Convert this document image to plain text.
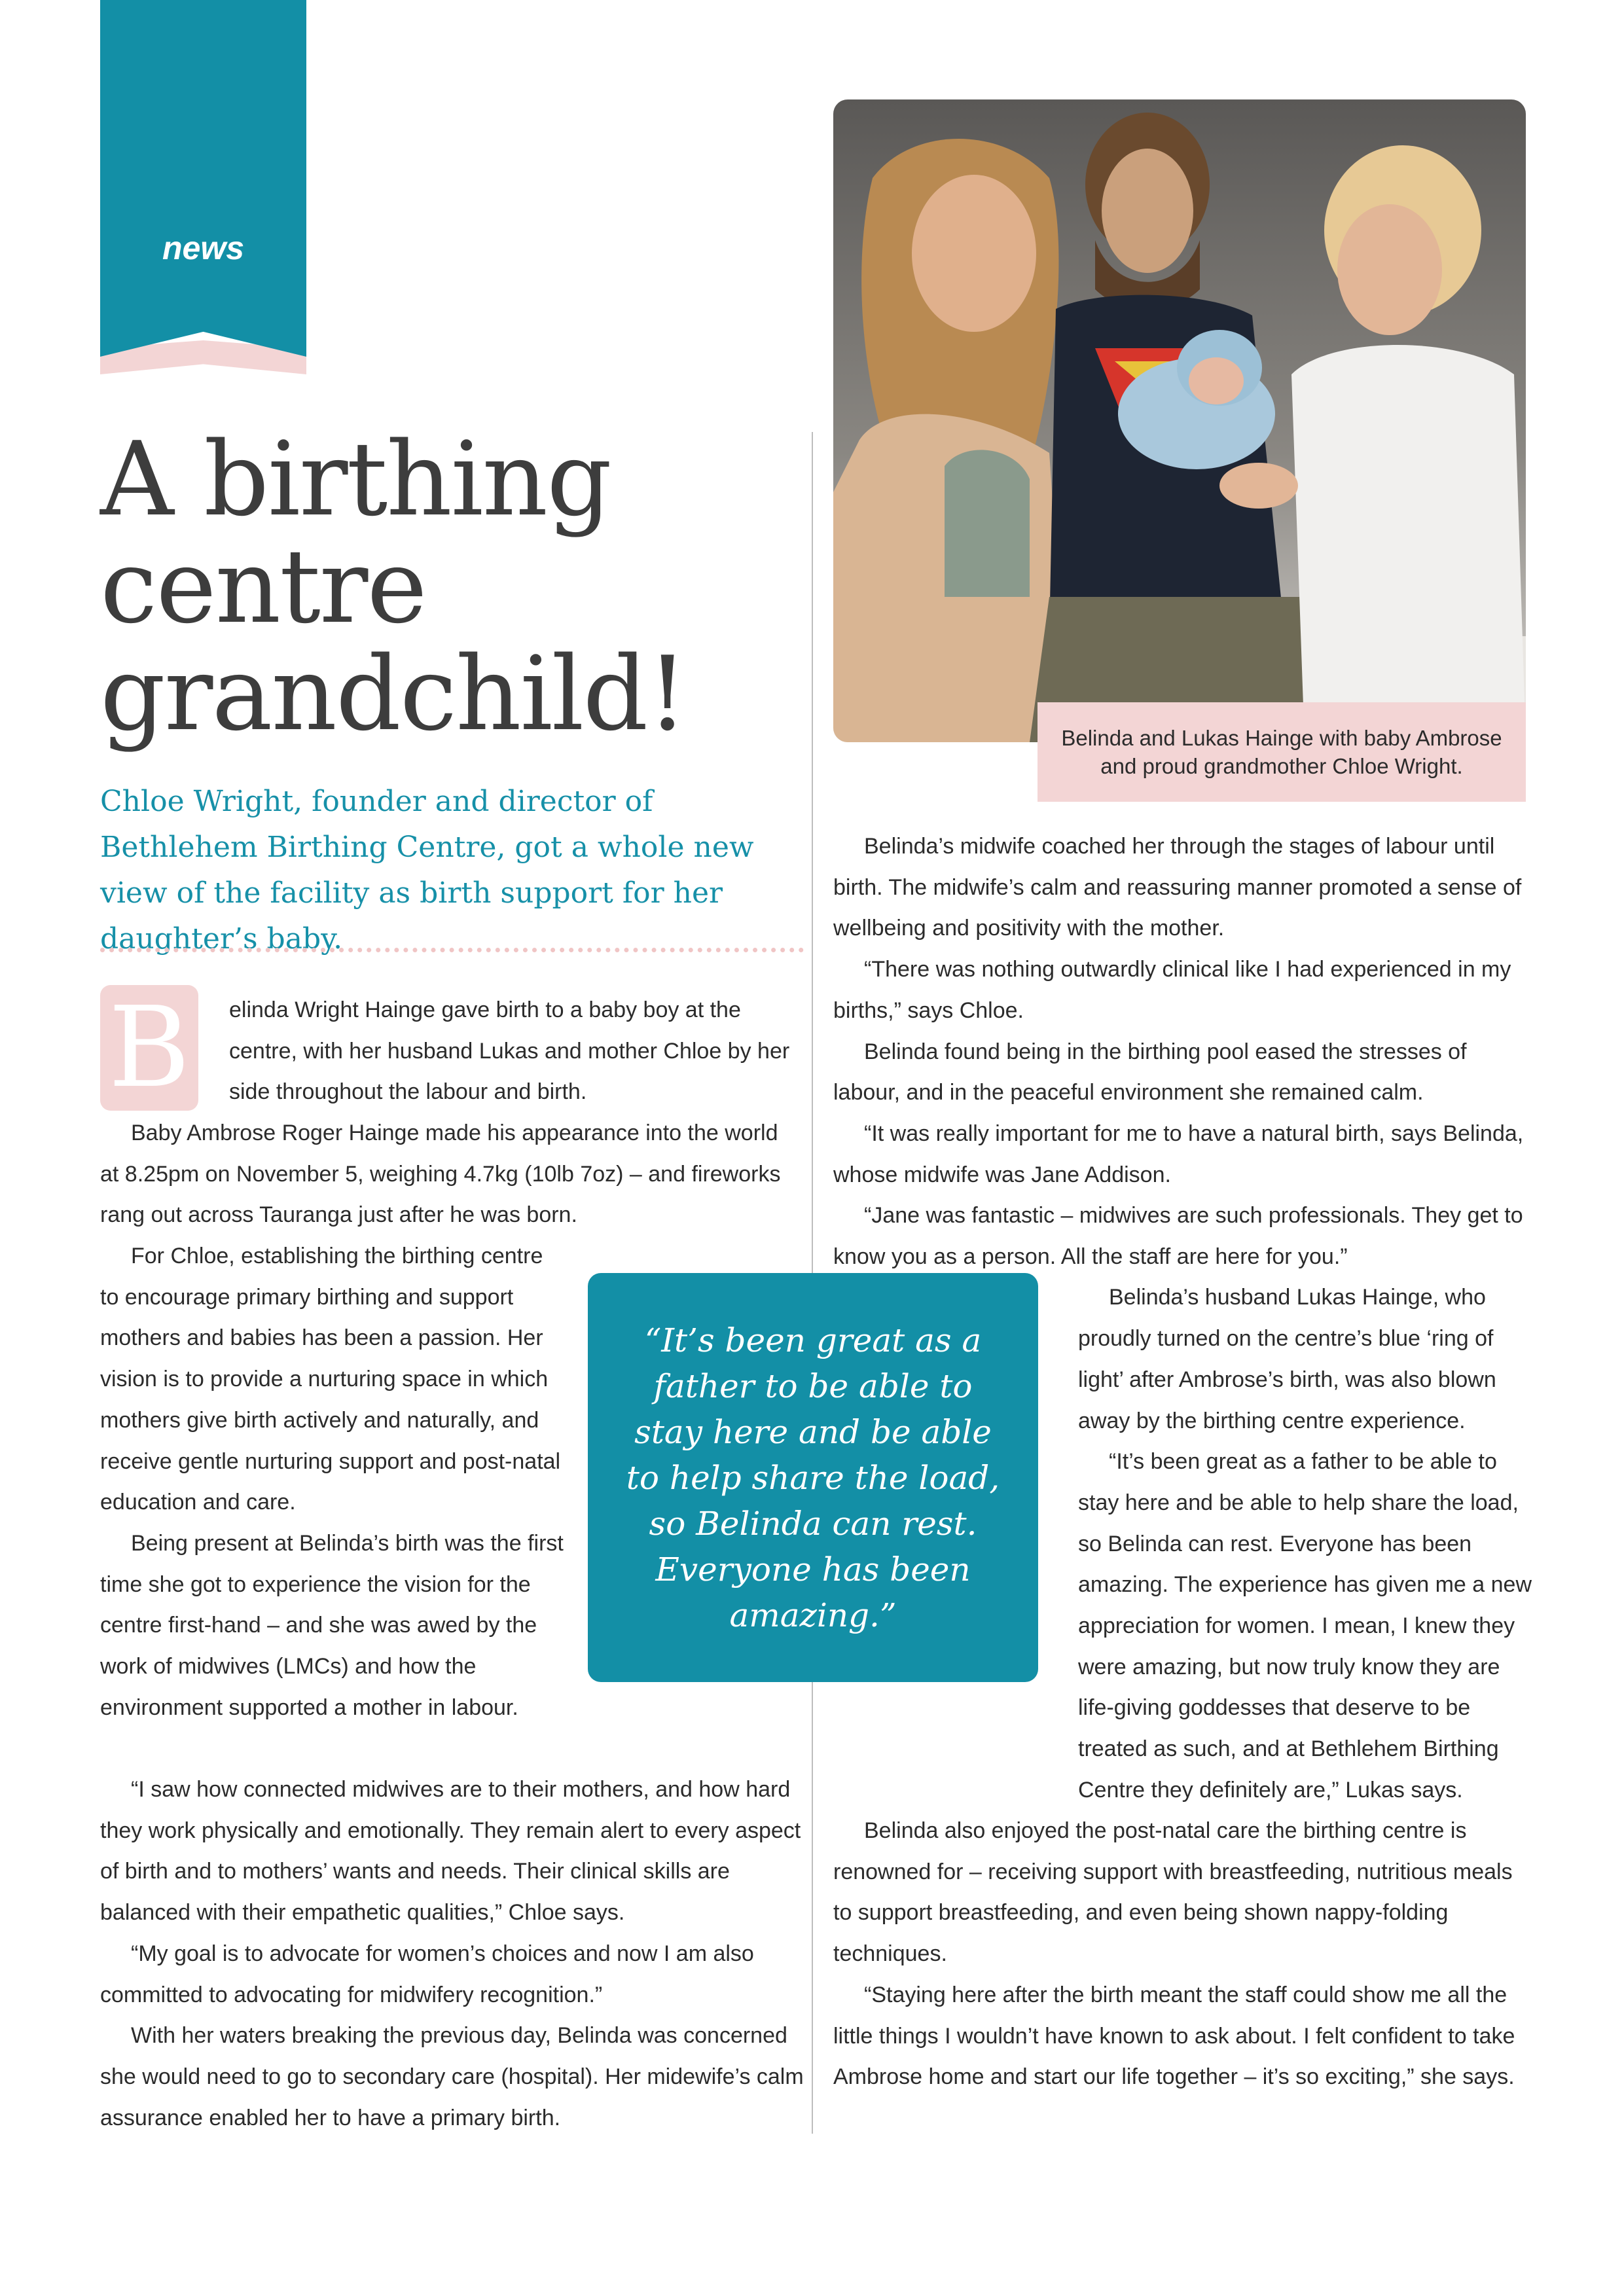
news
A birthing centre grandchild!

Chloe Wright, founder and director of Bethlehem Birthing Centre, got a whole new view of the facility as birth support for her daughter’s baby.

Belinda and Lukas Hainge with baby Ambrose
and proud grandmother Chloe Wright.
B	elinda Wright Hainge gave birth to a baby boy at the centre, with her husband Lukas and mother Chloe by her side throughout the labour and birth.

Baby Ambrose Roger Hainge made his appearance into the world at 8.25pm on November 5, weighing 4.7kg (10lb 7oz) – and fireworks rang out across Tauranga just after he was born.

For Chloe, establishing the birthing centre to encourage primary birthing and support mothers and babies has been a passion. Her vision is to provide a nurturing space in which mothers give birth actively and naturally, and receive gentle nurturing support and post-natal education and care.

Being present at Belinda’s birth was the first time she got to experience the vision for the centre first-hand – and she was awed by the work of midwives (LMCs) and how the environment supported a mother in labour.

“I saw how connected midwives are to their mothers, and how hard they work physically and emotionally. They remain alert to every aspect of birth and to mothers’ wants and needs. Their clinical skills are balanced with their empathetic qualities,” Chloe says.

“My goal is to advocate for women’s choices and now I am also committed to advocating for midwifery recognition.”

With her waters breaking the previous day, Belinda was concerned she would need to go to secondary care (hospital). Her midewife’s calm assurance enabled her to have a primary birth.

“It’s been great as a father to be able to stay here and be able to help share the load, so Belinda can rest. Everyone has been amazing.”

Belinda’s midwife coached her through the stages of labour until birth. The midwife’s calm and reassuring manner promoted a sense of wellbeing and positivity with the mother.

“There was nothing outwardly clinical like I had experienced in my births,” says Chloe.

Belinda found being in the birthing pool eased the stresses of labour, and in the peaceful environment she remained calm.

“It was really important for me to have a natural birth, says Belinda, whose midwife was Jane Addison.

“Jane was fantastic – midwives are such professionals. They get to know you as a person. All the staff are here for you.”

Belinda’s husband Lukas Hainge, who proudly turned on the centre’s blue ‘ring of light’ after Ambrose’s birth, was also blown away by the birthing centre experience.

“It’s been great as a father to be able to stay here and be able to help share the load, so Belinda can rest. Everyone has been amazing. The experience has given me a new appreciation for women. I mean, I knew they were amazing, but now truly know they are life-giving goddesses that deserve to be treated as such, and at Bethlehem Birthing Centre they definitely are,” Lukas says.

Belinda also enjoyed the post-natal care the birthing centre is renowned for – receiving support with breastfeeding, nutritious meals to support breastfeeding, and even being shown nappy-folding techniques.

“Staying here after the birth meant the staff could show me all the little things I wouldn’t have known to ask about. I felt confident to take Ambrose home and start our life together – it’s so exciting,” she says.
